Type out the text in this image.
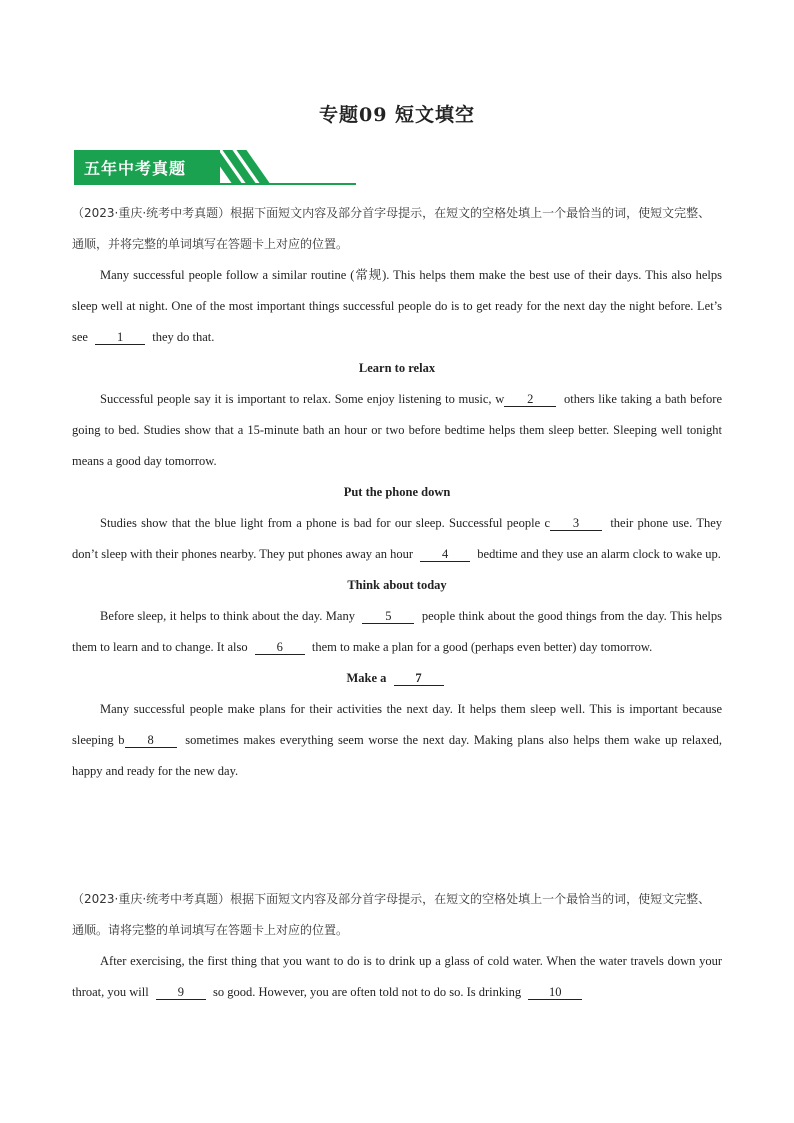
专题09 短文填空
五年中考真题

（2023·重庆·统考中考真题）根据下面短文内容及部分首字母提示，在短文的空格处填上一个最恰当的词，使短文完整、通顺，并将完整的单词填写在答题卡上对应的位置。

Many successful people follow a similar routine (常规). This helps them make the best use of their days. This also helps sleep well at night. One of the most important things successful people do is to get ready for the next day the night before. Let’s see 1 they do that.

Learn to relax

Successful people say it is important to relax. Some enjoy listening to music, w 2 others like taking a bath before going to bed. Studies show that a 15-minute bath an hour or two before bedtime helps them sleep better. Sleeping well tonight means a good day tomorrow.

Put the phone down

Studies show that the blue light from a phone is bad for our sleep. Successful people c 3 their phone use. They don’t sleep with their phones nearby. They put phones away an hour 4 bedtime and they use an alarm clock to wake up.

Think about today

Before sleep, it helps to think about the day. Many 5 people think about the good things from the day. This helps them to learn and to change. It also 6 them to make a plan for a good (perhaps even better) day tomorrow.

Make a 7

Many successful people make plans for their activities the next day. It helps them sleep well. This is important because sleeping b 8	sometimes makes everything seem worse the next day. Making plans also helps them wake up relaxed, happy and ready for the new day.

（2023·重庆·统考中考真题）根据下面短文内容及部分首字母提示，在短文的空格处填上一个最恰当的词，使短文完整、通顺。请将完整的单词填写在答题卡上对应的位置。

After exercising, the first thing that you want to do is to drink up a glass of cold water. When the water travels down your throat, you will 9 so good. However, you are often told not to do so. Is drinking 10
